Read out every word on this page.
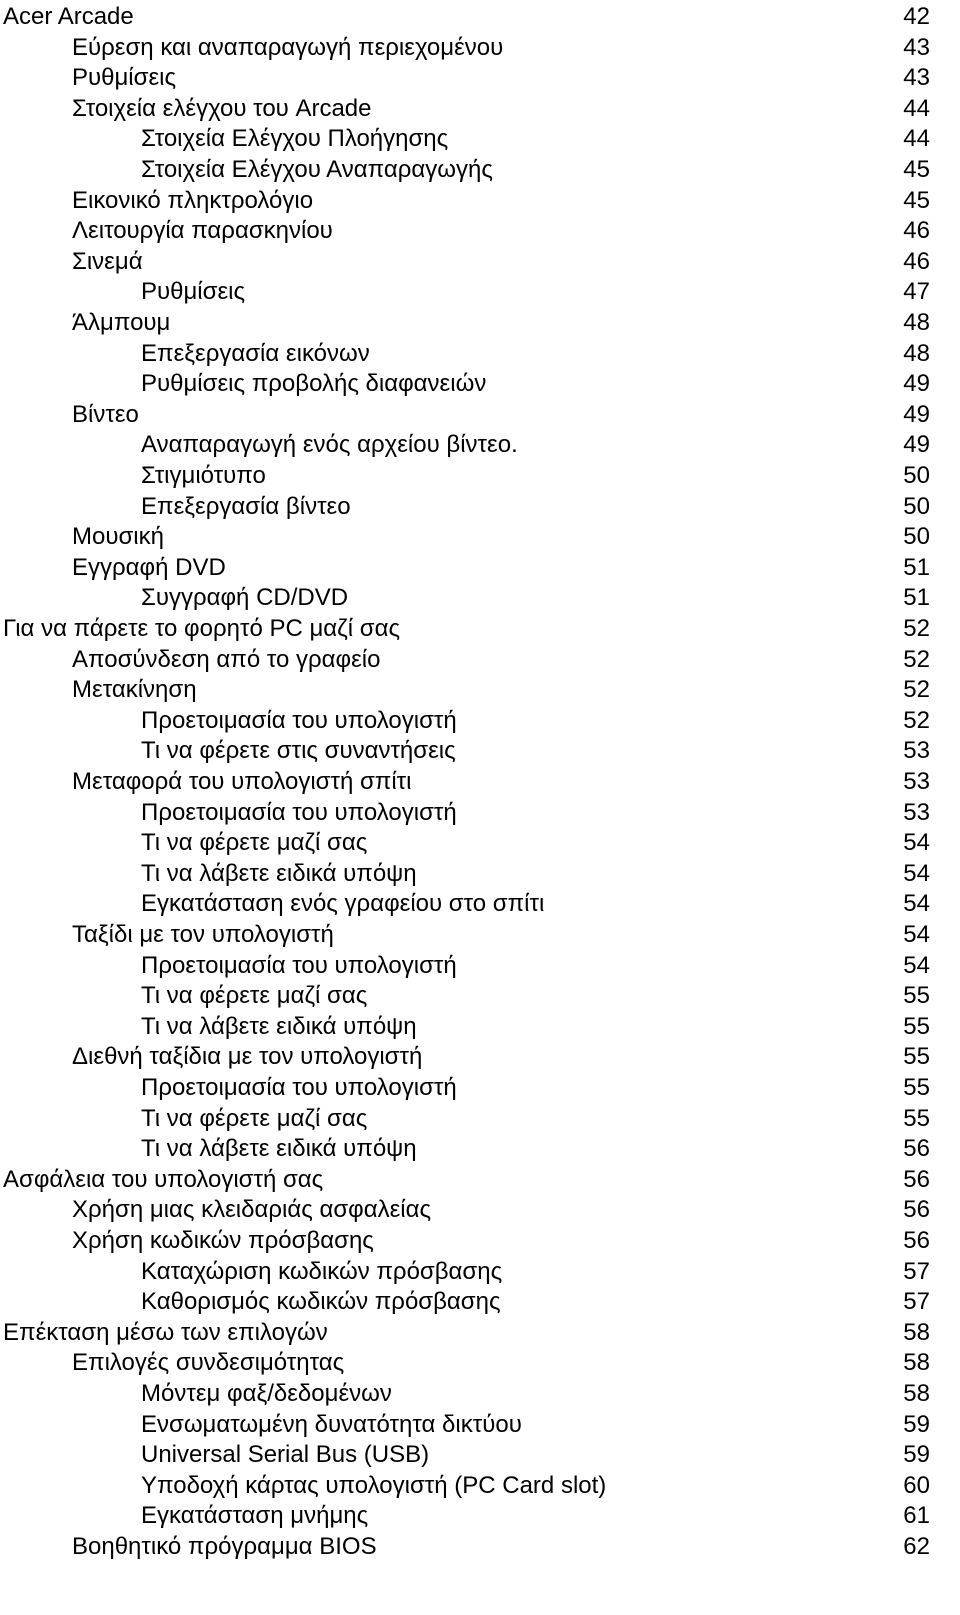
Acer Arcade	42
Εύρεση και αναπαραγωγή περιεχομένου	43
Ρυθμίσεις	43
Στοιχεία ελέγχου του Arcade	44
Στοιχεία Ελέγχου Πλοήγησης	44
Στοιχεία Ελέγχου Αναπαραγωγής	45
Εικονικό πληκτρολόγιο	45
Λειτουργία παρασκηνίου	46
Σινεμά	46
Ρυθμίσεις	47
Άλμπουμ	48
Επεξεργασία εικόνων	48
Ρυθμίσεις προβολής διαφανειών	49
Βίντεο	49
Αναπαραγωγή ενός αρχείου βίντεο.	49
Στιγμιότυπο	50
Επεξεργασία βίντεο	50
Μουσική	50
Εγγραφή DVD	51
Συγγραφή CD/DVD	51
Για να πάρετε το φορητό PC μαζί σας	52
Αποσύνδεση από το γραφείο	52
Μετακίνηση	52
Προετοιμασία του υπολογιστή	52
Τι να φέρετε στις συναντήσεις	53
Μεταφορά του υπολογιστή σπίτι	53
Προετοιμασία του υπολογιστή	53
Τι να φέρετε μαζί σας	54
Τι να λάβετε ειδικά υπόψη	54
Εγκατάσταση ενός γραφείου στο σπίτι	54
Ταξίδι με τον υπολογιστή	54
Προετοιμασία του υπολογιστή	54
Τι να φέρετε μαζί σας	55
Τι να λάβετε ειδικά υπόψη	55
Διεθνή ταξίδια με τον υπολογιστή	55
Προετοιμασία του υπολογιστή	55
Τι να φέρετε μαζί σας	55
Τι να λάβετε ειδικά υπόψη	56
Ασφάλεια του υπολογιστή σας	56
Χρήση μιας κλειδαριάς ασφαλείας	56
Χρήση κωδικών πρόσβασης	56
Καταχώριση κωδικών πρόσβασης	57
Καθορισμός κωδικών πρόσβασης	57
Επέκταση μέσω των επιλογών	58
Επιλογές συνδεσιμότητας	58
Μόντεμ φαξ/δεδομένων	58
Ενσωματωμένη δυνατότητα δικτύου	59
Universal Serial Bus (USB)	59
Υποδοχή κάρτας υπολογιστή (PC Card slot)	60
Εγκατάσταση μνήμης	61
Βοηθητικό πρόγραμμα BIOS	62
